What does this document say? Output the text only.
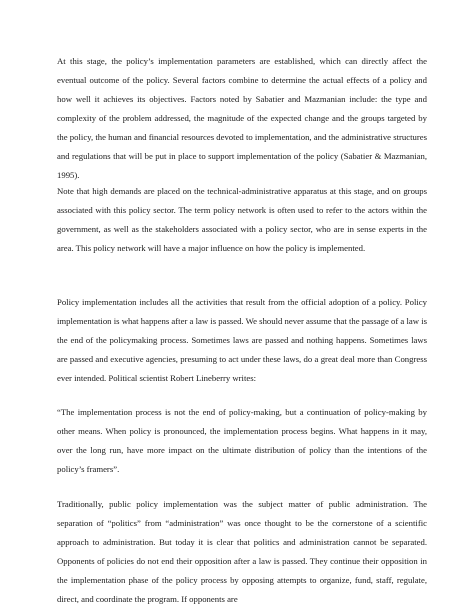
At this stage, the policy’s implementation parameters are established, which can directly affect the eventual outcome of the policy. Several factors combine to determine the actual effects of a policy and how well it achieves its objectives. Factors noted by Sabatier and Mazmanian include: the type and complexity of the problem addressed, the magnitude of the expected change and the groups targeted by the policy, the human and financial resources devoted to implementation, and the administrative structures and regulations that will be put in place to support implementation of the policy (Sabatier & Mazmanian, 1995).

Note that high demands are placed on the technical-administrative apparatus at this stage, and on groups associated with this policy sector. The term policy network is often used to refer to the actors within the government, as well as the stakeholders associated with a policy sector, who are in sense experts in the area. This policy network will have a major influence on how the policy is implemented.

Policy implementation includes all the activities that result from the official adoption of a policy. Policy implementation is what happens after a law is passed. We should never assume that the passage of a law is the end of the policymaking process. Sometimes laws are passed and nothing happens. Sometimes laws are passed and executive agencies, presuming to act under these laws, do a great deal more than Congress ever intended. Political scientist Robert Lineberry writes:

“The implementation process is not the end of policy-making, but a continuation of policy-making by other means. When policy is pronounced, the implementation process begins. What happens in it may, over the long run, have more impact on the ultimate distribution of policy than the intentions of the policy’s framers”.

Traditionally, public policy implementation was the subject matter of public administration. The separation of “politics” from “administration” was once thought to be the cornerstone of a scientific approach to administration. But today it is clear that politics and administration cannot be separated. Opponents of policies do not end their opposition after a law is passed. They continue their opposition in the implementation phase of the policy process by opposing attempts to organize, fund, staff, regulate, direct, and coordinate the program. If opponents are
